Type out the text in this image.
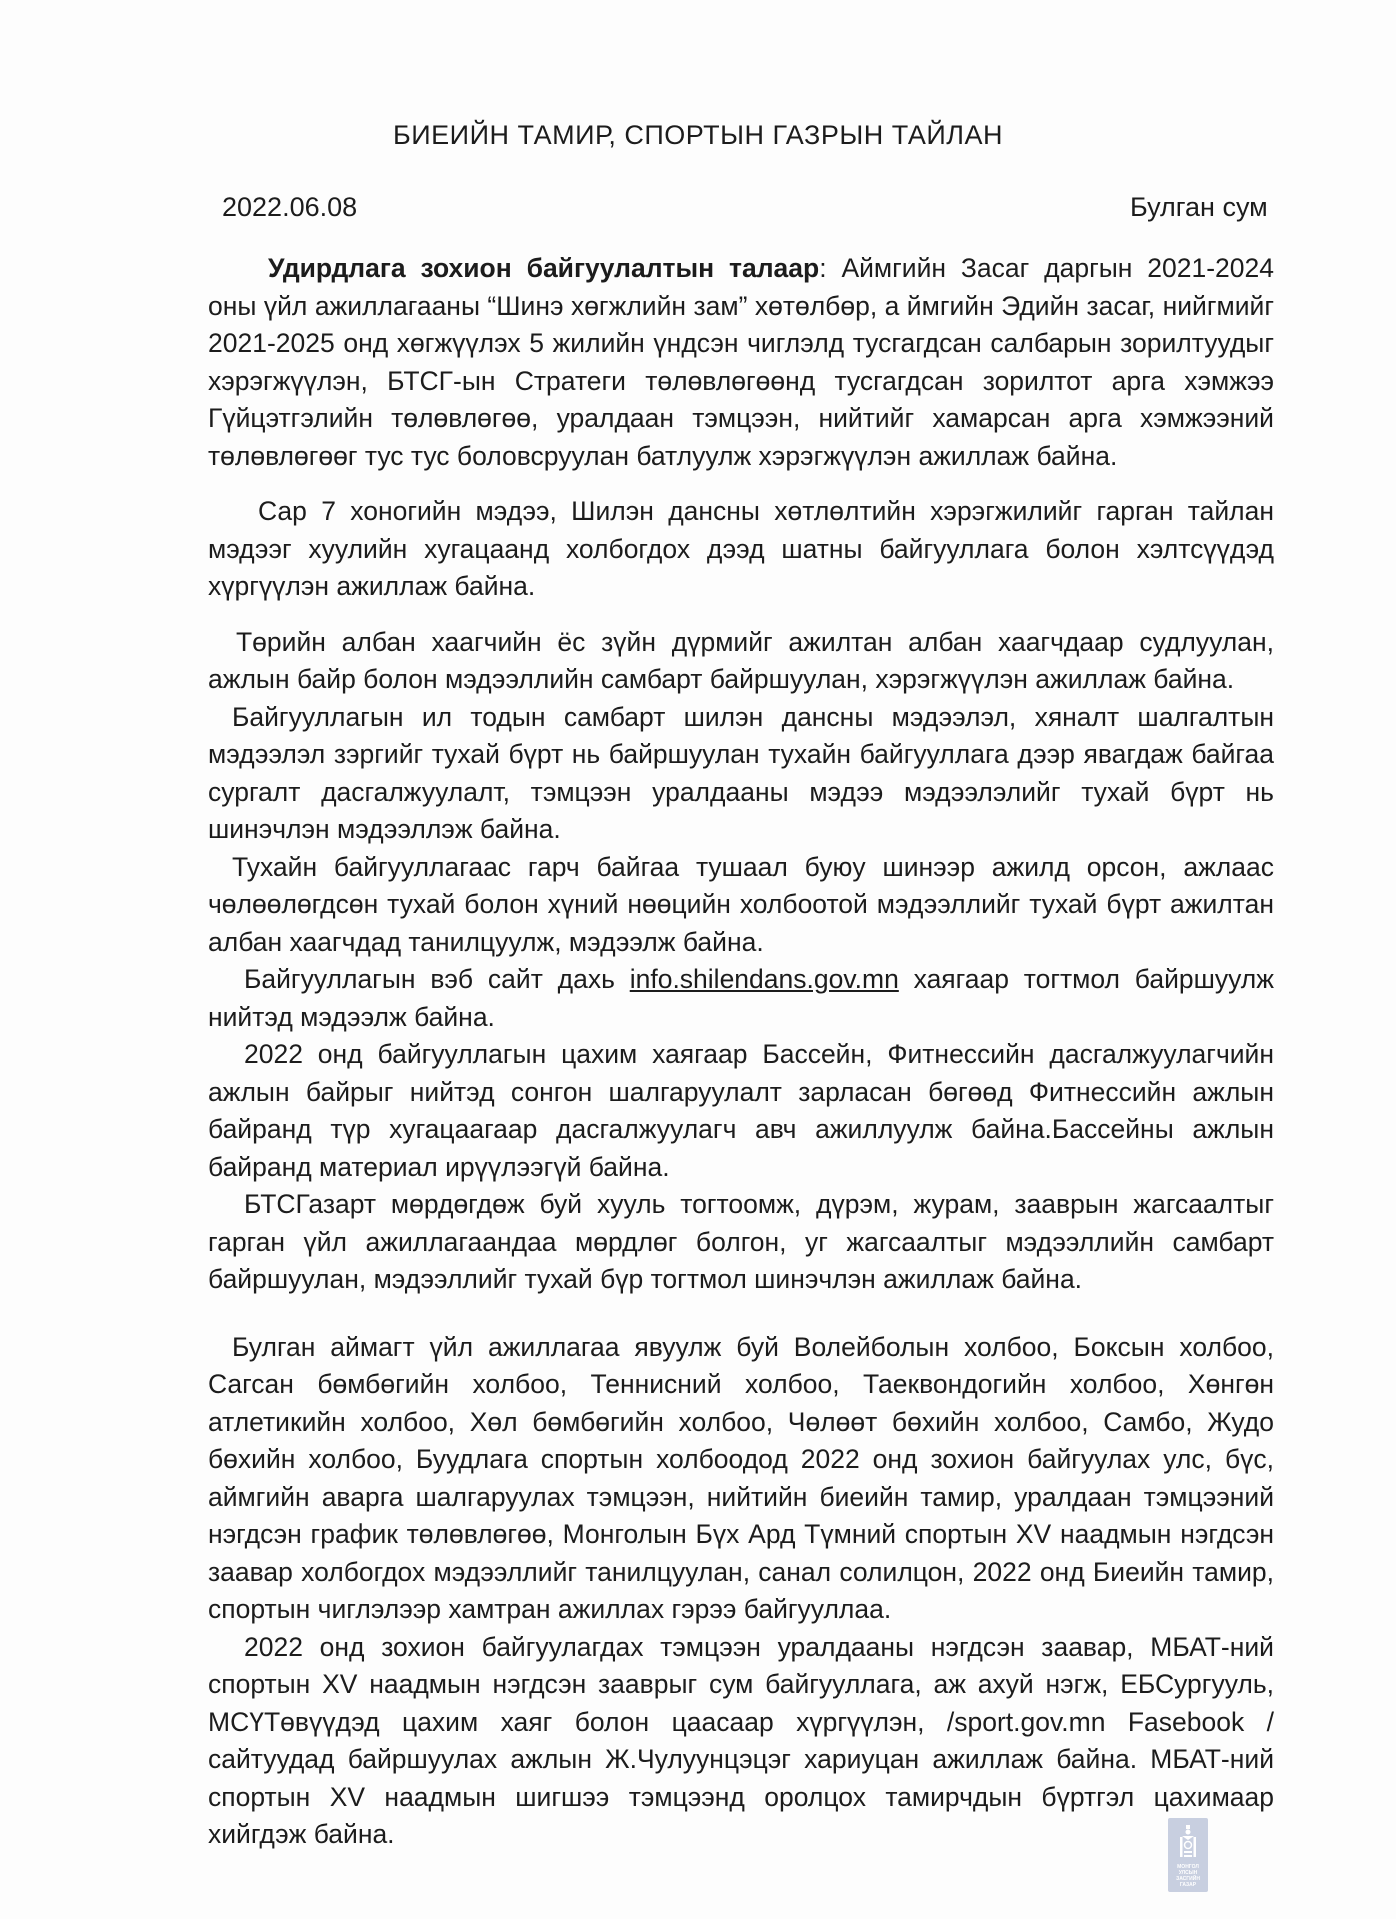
БИЕИЙН ТАМИР, СПОРТЫН ГАЗРЫН ТАЙЛАН
2022.06.08	Булган сум

Удирдлага зохион байгуулалтын талаар: Аймгийн Засаг даргын 2021-2024 оны үйл ажиллагааны “Шинэ хөгжлийн зам” хөтөлбөр, а ймгийн Эдийн засаг, нийгмийг 2021-2025 онд хөгжүүлэх 5 жилийн үндсэн чиглэлд тусгагдсан салбарын зорилтуудыг хэрэгжүүлэн, БТСГ-ын Стратеги төлөвлөгөөнд тусгагдсан зорилтот арга хэмжээ Гүйцэтгэлийн төлөвлөгөө, уралдаан тэмцээн, нийтийг хамарсан арга хэмжээний төлөвлөгөөг тус тус боловсруулан батлуулж хэрэгжүүлэн ажиллаж байна.

Сар 7 хоногийн мэдээ, Шилэн дансны хөтлөлтийн хэрэгжилийг гарган тайлан мэдээг хуулийн хугацаанд холбогдох дээд шатны байгууллага болон хэлтсүүдэд хүргүүлэн ажиллаж байна.

Төрийн албан хаагчийн ёс зүйн дүрмийг ажилтан албан хаагчдаар судлуулан, ажлын байр болон мэдээллийн самбарт байршуулан, хэрэгжүүлэн ажиллаж байна.

Байгууллагын ил тодын самбарт шилэн дансны мэдээлэл, хяналт шалгалтын мэдээлэл зэргийг тухай бүрт нь байршуулан тухайн байгууллага дээр явагдаж байгаа сургалт дасгалжуулалт, тэмцээн уралдааны мэдээ мэдээлэлийг тухай бүрт нь шинэчлэн мэдээллэж байна.

Тухайн байгууллагаас гарч байгаа тушаал буюу шинээр ажилд орсон, ажлаас чөлөөлөгдсөн тухай болон хүний нөөцийн холбоотой мэдээллийг тухай бүрт ажилтан албан хаагчдад танилцуулж, мэдээлж байна.

Байгууллагын вэб сайт дахь info.shilendans.gov.mn хаягаар тогтмол байршуулж нийтэд мэдээлж байна.

2022 онд байгууллагын цахим хаягаар Бассейн, Фитнессийн дасгалжуулагчийн ажлын байрыг нийтэд сонгон шалгаруулалт зарласан бөгөөд Фитнессийн ажлын байранд түр хугацаагаар дасгалжуулагч авч ажиллуулж байна.Бассейны ажлын байранд материал ирүүлээгүй байна.

БТСГазарт мөрдөгдөж буй хууль тогтоомж, дүрэм, журам, зааврын жагсаалтыг гарган үйл ажиллагаандаа мөрдлөг болгон, уг жагсаалтыг мэдээллийн самбарт байршуулан, мэдээллийг тухай бүр тогтмол шинэчлэн ажиллаж байна.

Булган аймагт үйл ажиллагаа явуулж буй Волейболын холбоо, Боксын холбоо, Сагсан бөмбөгийн холбоо, Теннисний холбоо, Таеквондогийн холбоо, Хөнгөн атлетикийн холбоо, Хөл бөмбөгийн холбоо, Чөлөөт бөхийн холбоо, Самбо, Жудо бөхийн холбоо, Буудлага спортын холбоодод 2022 онд зохион байгуулах улс, бүс, аймгийн аварга шалгаруулах тэмцээн, нийтийн биеийн тамир, уралдаан тэмцээний нэгдсэн график төлөвлөгөө, Монголын Бүх Ард Түмний спортын XV наадмын нэгдсэн заавар холбогдох мэдээллийг танилцуулан, санал солилцон, 2022 онд Биеийн тамир, спортын чиглэлээр хамтран ажиллах гэрээ байгууллаа.

2022 онд зохион байгуулагдах тэмцээн уралдааны нэгдсэн заавар, МБАТ-ний спортын XV наадмын нэгдсэн зааврыг сум байгууллага, аж ахуй нэгж, ЕБСургууль, МСҮТөвүүдэд цахим хаяг болон цаасаар хүргүүлэн, /sport.gov.mn Fasebook /сайтуудад байршуулах ажлын Ж.Чулуунцэцэг хариуцан ажиллаж байна. МБАТ-ний спортын XV наадмын шигшээ тэмцээнд оролцох тамирчдын бүртгэл цахимаар хийгдэж байна.

МОНГОЛ УЛСЫН
ЗАСГИЙН ГАЗАР
